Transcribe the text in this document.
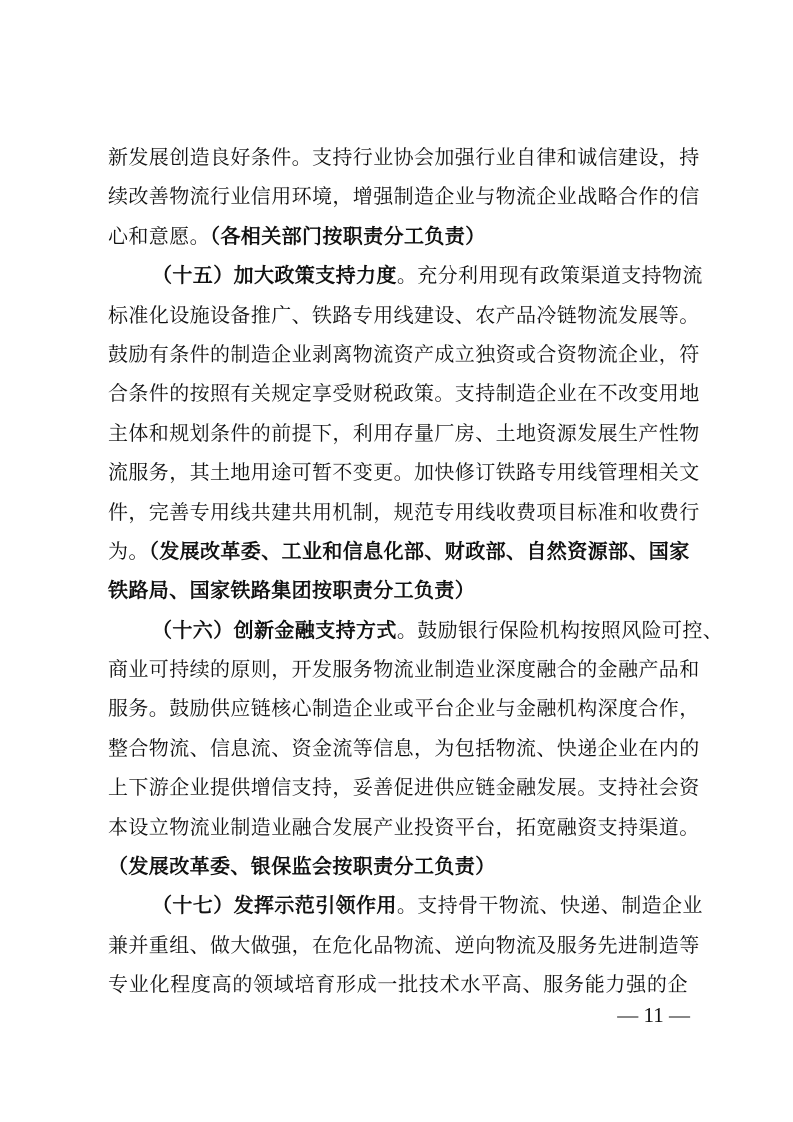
新发展创造良好条件。支持行业协会加强行业自律和诚信建设，持
续改善物流行业信用环境，增强制造企业与物流企业战略合作的信
心和意愿。（各相关部门按职责分工负责）
（十五）加大政策支持力度。充分利用现有政策渠道支持物流
标准化设施设备推广、铁路专用线建设、农产品冷链物流发展等。
鼓励有条件的制造企业剥离物流资产成立独资或合资物流企业，符
合条件的按照有关规定享受财税政策。支持制造企业在不改变用地
主体和规划条件的前提下，利用存量厂房、土地资源发展生产性物
流服务，其土地用途可暂不变更。加快修订铁路专用线管理相关文
件，完善专用线共建共用机制，规范专用线收费项目标准和收费行
为。（发展改革委、工业和信息化部、财政部、自然资源部、国家
铁路局、国家铁路集团按职责分工负责）
（十六）创新金融支持方式。鼓励银行保险机构按照风险可控、
商业可持续的原则，开发服务物流业制造业深度融合的金融产品和
服务。鼓励供应链核心制造企业或平台企业与金融机构深度合作，
整合物流、信息流、资金流等信息，为包括物流、快递企业在内的
上下游企业提供增信支持，妥善促进供应链金融发展。支持社会资
本设立物流业制造业融合发展产业投资平台，拓宽融资支持渠道。
（发展改革委、银保监会按职责分工负责）
（十七）发挥示范引领作用。支持骨干物流、快递、制造企业
兼并重组、做大做强，在危化品物流、逆向物流及服务先进制造等
专业化程度高的领域培育形成一批技术水平高、服务能力强的企
— 11 —
